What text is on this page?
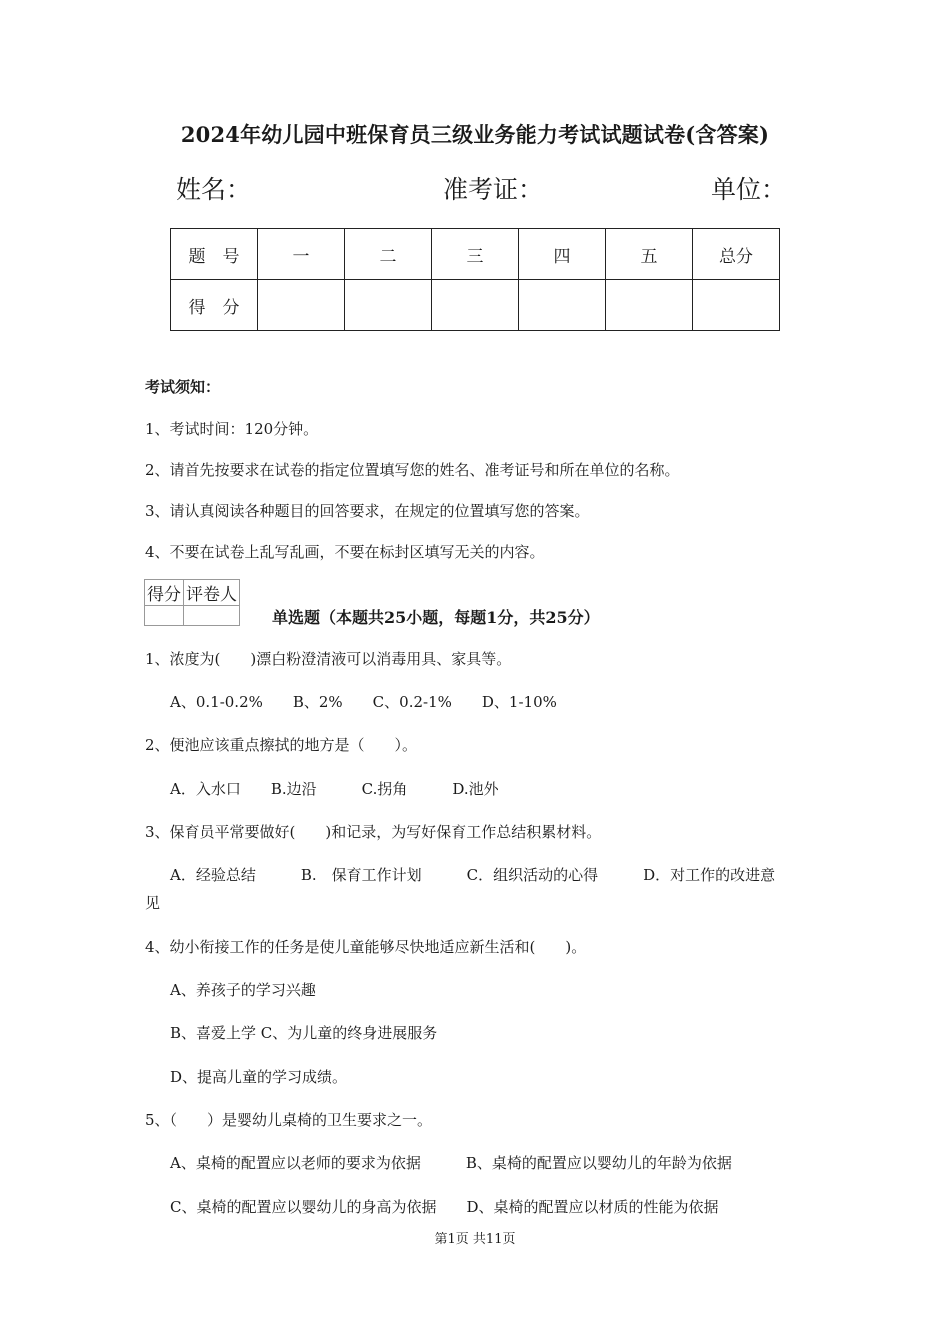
2024年幼儿园中班保育员三级业务能力考试试题试卷(含答案)
姓名：	准考证：	单位：
题　号	一	二	三	四	五	总分
得　分						
考试须知：
1、考试时间：120分钟。
2、请首先按要求在试卷的指定位置填写您的姓名、准考证号和所在单位的名称。
3、请认真阅读各种题目的回答要求，在规定的位置填写您的答案。
4、不要在试卷上乱写乱画，不要在标封区填写无关的内容。
得分	评卷人

单选题（本题共25小题，每题1分，共25分）
1、浓度为(　　)漂白粉澄清液可以消毒用具、家具等。
A、0.1-0.2%　　B、2%　　C、0.2-1%　　D、1-10%
2、便池应该重点擦拭的地方是（　　）。
A．入水口　　B.边沿　　　C.拐角　　　D.池外
3、保育员平常要做好(　　)和记录，为写好保育工作总结积累材料。
A．经验总结　　　B.　保育工作计划　　　C．组织活动的心得　　　D．对工作的改进意
见
4、幼小衔接工作的任务是使儿童能够尽快地适应新生活和(　　)。
A、养孩子的学习兴趣
B、喜爱上学 C、为儿童的终身进展服务
D、提高儿童的学习成绩。
5、（　　）是婴幼儿桌椅的卫生要求之一。
A、桌椅的配置应以老师的要求为依据　　　B、桌椅的配置应以婴幼儿的年龄为依据
C、桌椅的配置应以婴幼儿的身高为依据　　D、桌椅的配置应以材质的性能为依据
第1页 共11页
